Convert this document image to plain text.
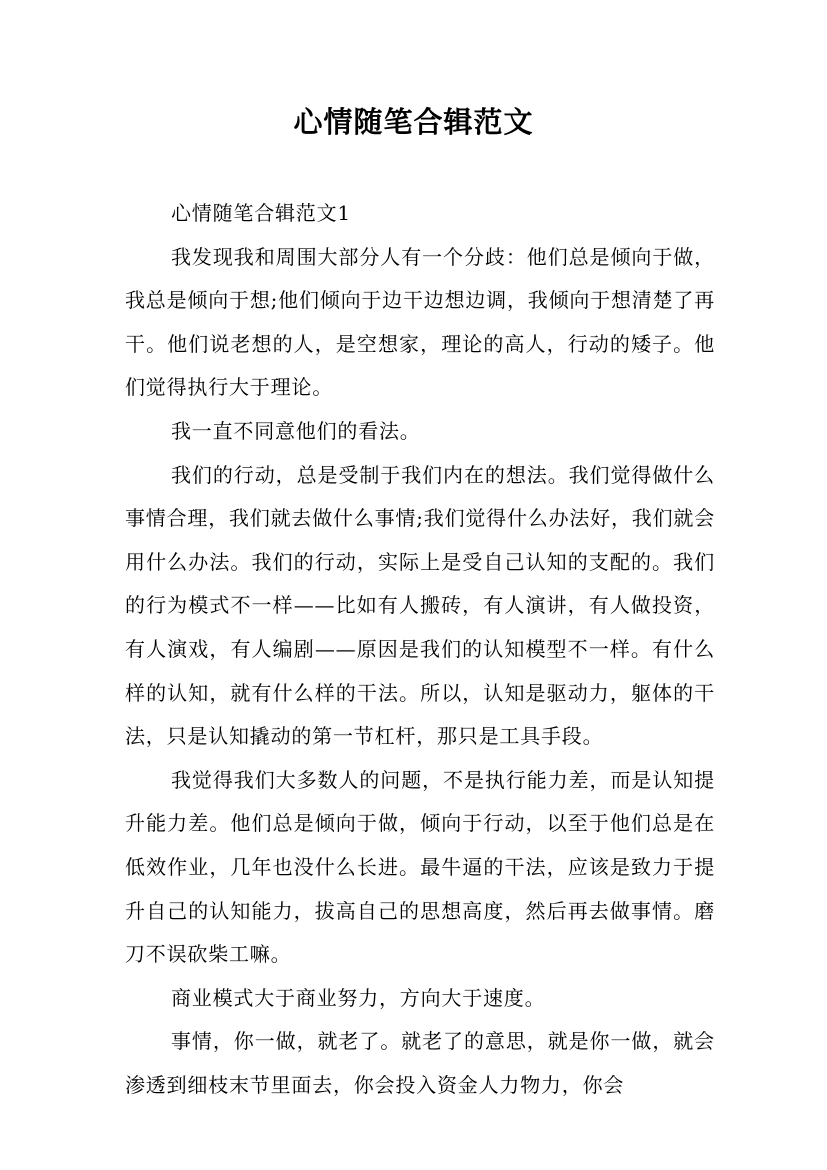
心情随笔合辑范文

心情随笔合辑范文1

我发现我和周围大部分人有一个分歧：他们总是倾向于做，我总是倾向于想;他们倾向于边干边想边调，我倾向于想清楚了再干。他们说老想的人，是空想家，理论的高人，行动的矮子。他们觉得执行大于理论。

我一直不同意他们的看法。

我们的行动，总是受制于我们内在的想法。我们觉得做什么事情合理，我们就去做什么事情;我们觉得什么办法好，我们就会用什么办法。我们的行动，实际上是受自己认知的支配的。我们的行为模式不一样——比如有人搬砖，有人演讲，有人做投资，有人演戏，有人编剧——原因是我们的认知模型不一样。有什么样的认知，就有什么样的干法。所以，认知是驱动力，躯体的干法，只是认知撬动的第一节杠杆，那只是工具手段。

我觉得我们大多数人的问题，不是执行能力差，而是认知提升能力差。他们总是倾向于做，倾向于行动，以至于他们总是在低效作业，几年也没什么长进。最牛逼的干法，应该是致力于提升自己的认知能力，拔高自己的思想高度，然后再去做事情。磨刀不误砍柴工嘛。

商业模式大于商业努力，方向大于速度。

事情，你一做，就老了。就老了的意思，就是你一做，就会渗透到细枝末节里面去，你会投入资金人力物力，你会
